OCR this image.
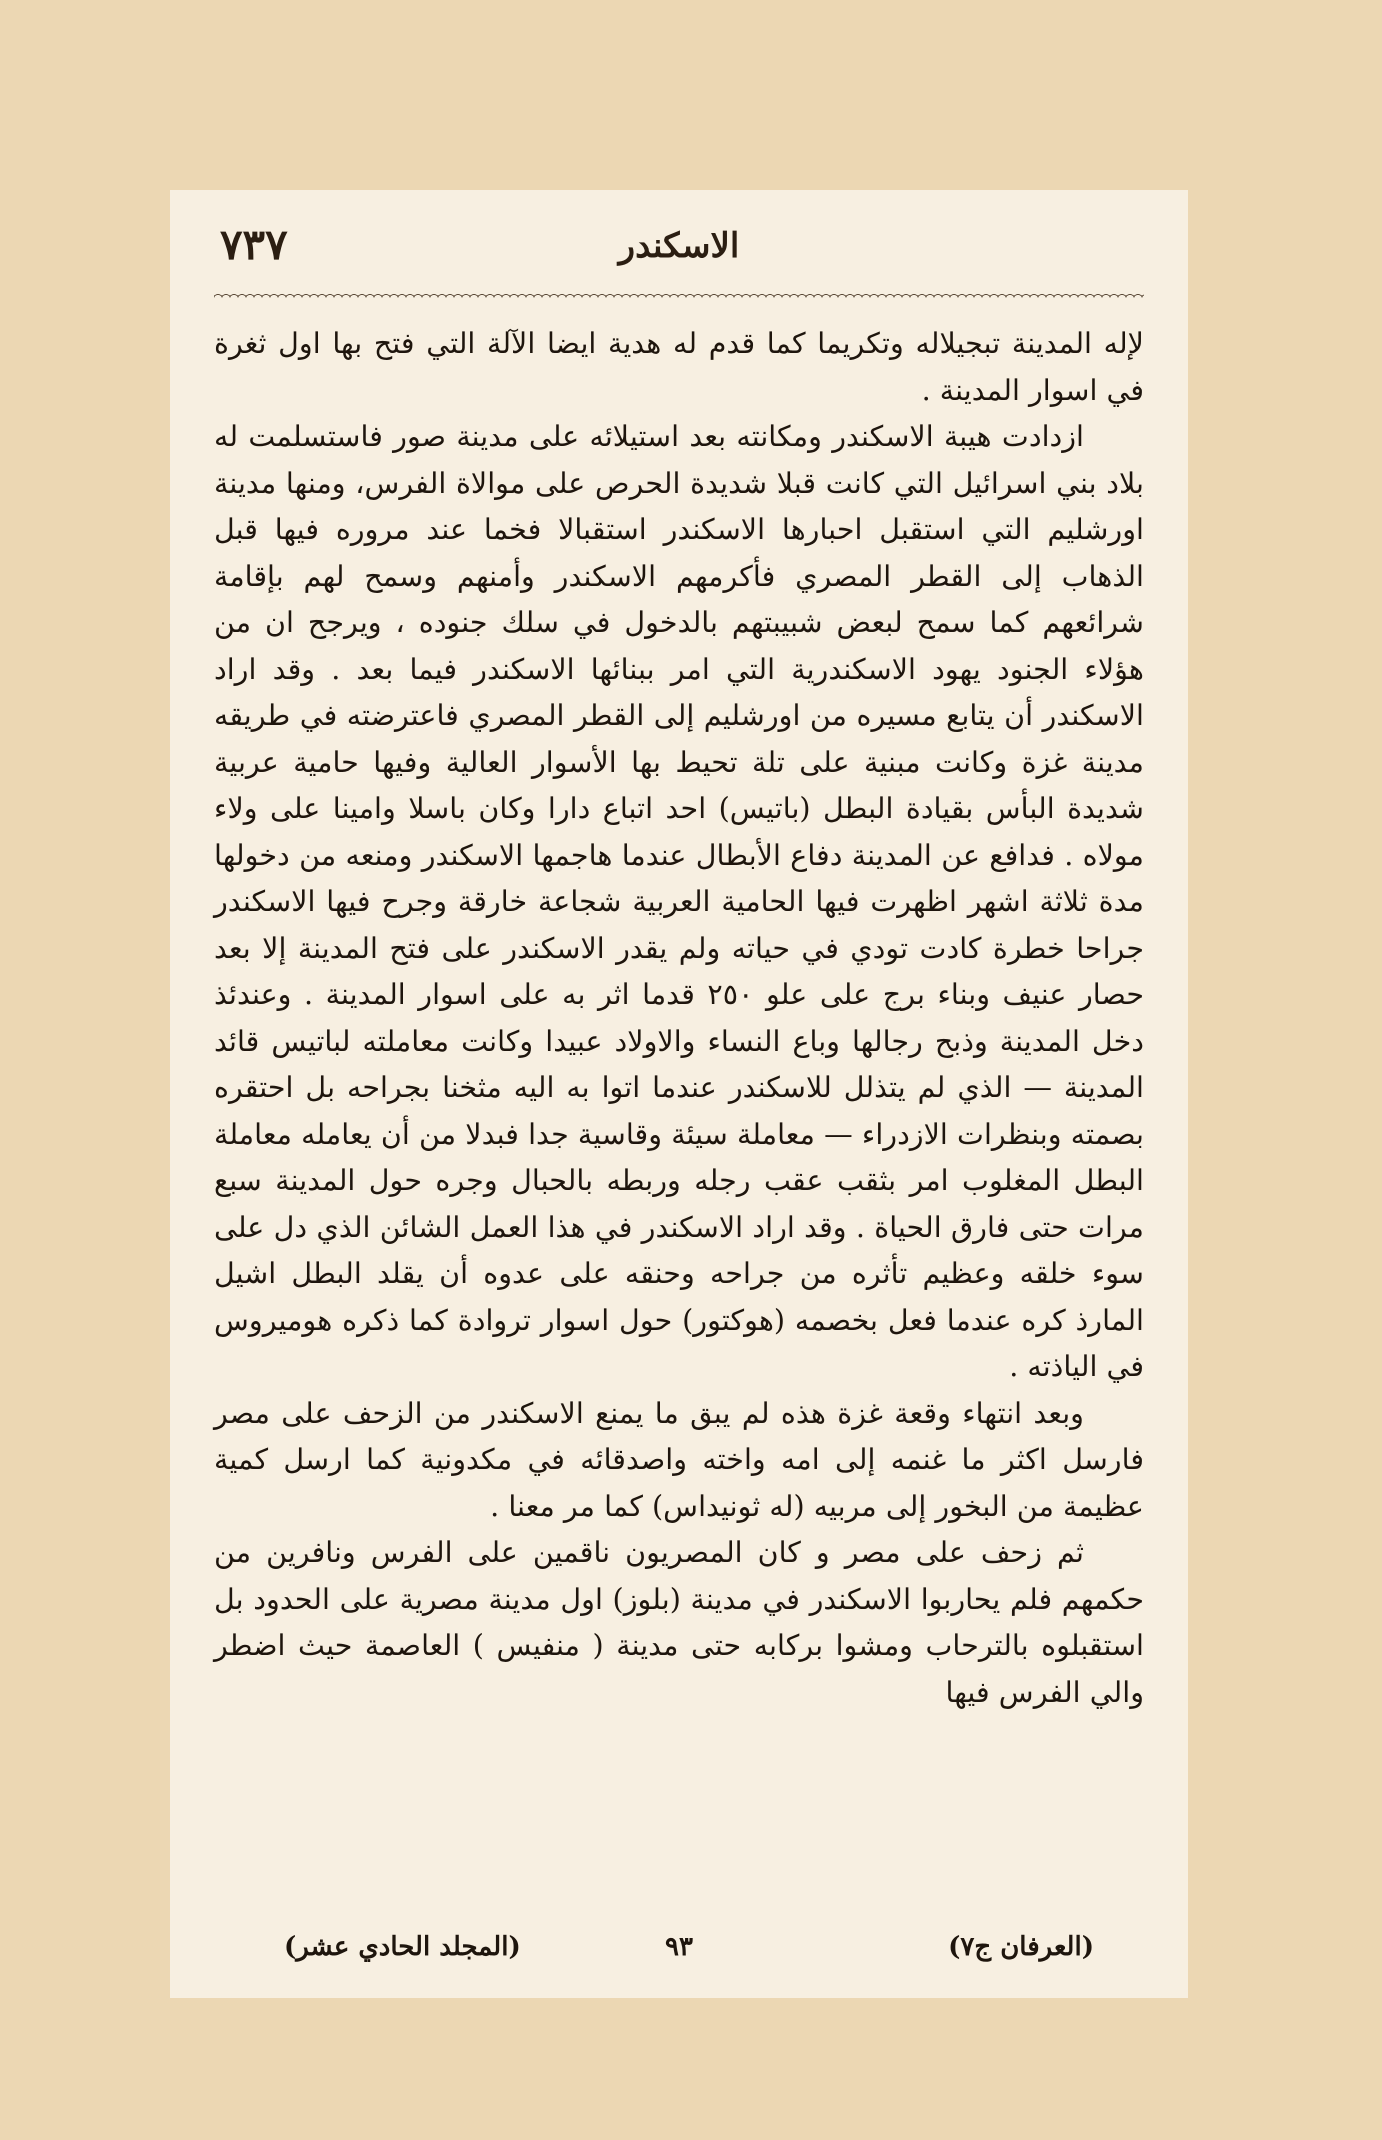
الاسكندر
٧٣٧

لإله المدينة تبجيلاله وتكريما كما قدم له هدية ايضا الآلة التي فتح بها اول ثغرة في اسوار المدينة .

ازدادت هيبة الاسكندر ومكانته بعد استيلائه على مدينة صور فاستسلمت له بلاد بني اسرائيل التي كانت قبلا شديدة الحرص على موالاة الفرس، ومنها مدينة اورشليم التي استقبل احبارها الاسكندر استقبالا فخما عند مروره فيها قبل الذهاب إلى القطر المصري فأكرمهم الاسكندر وأمنهم وسمح لهم بإقامة شرائعهم كما سمح لبعض شبيبتهم بالدخول في سلك جنوده ، ويرجح ان من هؤلاء الجنود يهود الاسكندرية التي امر ببنائها الاسكندر فيما بعد . وقد اراد الاسكندر أن يتابع مسيره من اورشليم إلى القطر المصري فاعترضته في طريقه مدينة غزة وكانت مبنية على تلة تحيط بها الأسوار العالية وفيها حامية عربية شديدة البأس بقيادة البطل (باتيس) احد اتباع دارا وكان باسلا وامينا على ولاء مولاه . فدافع عن المدينة دفاع الأبطال عندما هاجمها الاسكندر ومنعه من دخولها مدة ثلاثة اشهر اظهرت فيها الحامية العربية شجاعة خارقة وجرح فيها الاسكندر جراحا خطرة كادت تودي في حياته ولم يقدر الاسكندر على فتح المدينة إلا بعد حصار عنيف وبناء برج على علو ٢٥٠ قدما اثر به على اسوار المدينة . وعندئذ دخل المدينة وذبح رجالها وباع النساء والاولاد عبيدا وكانت معاملته لباتيس قائد المدينة — الذي لم يتذلل للاسكندر عندما اتوا به اليه مثخنا بجراحه بل احتقره بصمته وبنظرات الازدراء — معاملة سيئة وقاسية جدا فبدلا من أن يعامله معاملة البطل المغلوب امر بثقب عقب رجله وربطه بالحبال وجره حول المدينة سبع مرات حتى فارق الحياة . وقد اراد الاسكندر في هذا العمل الشائن الذي دل على سوء خلقه وعظيم تأثره من جراحه وحنقه على عدوه أن يقلد البطل اشيل المارذ كره عندما فعل بخصمه (هوكتور) حول اسوار تروادة كما ذكره هوميروس في الياذته .

وبعد انتهاء وقعة غزة هذه لم يبق ما يمنع الاسكندر من الزحف على مصر فارسل اكثر ما غنمه إلى امه واخته واصدقائه في مكدونية كما ارسل كمية عظيمة من البخور إلى مربيه (له ثونيداس) كما مر معنا .

ثم زحف على مصر و كان المصريون ناقمين على الفرس ونافرين من حكمهم فلم يحاربوا الاسكندر في مدينة (بلوز) اول مدينة مصرية على الحدود بل استقبلوه بالترحاب ومشوا بركابه حتى مدينة ( منفيس ) العاصمة حيث اضطر والي الفرس فيها

(العرفان ج٧)
٩٣
(المجلد الحادي عشر)
